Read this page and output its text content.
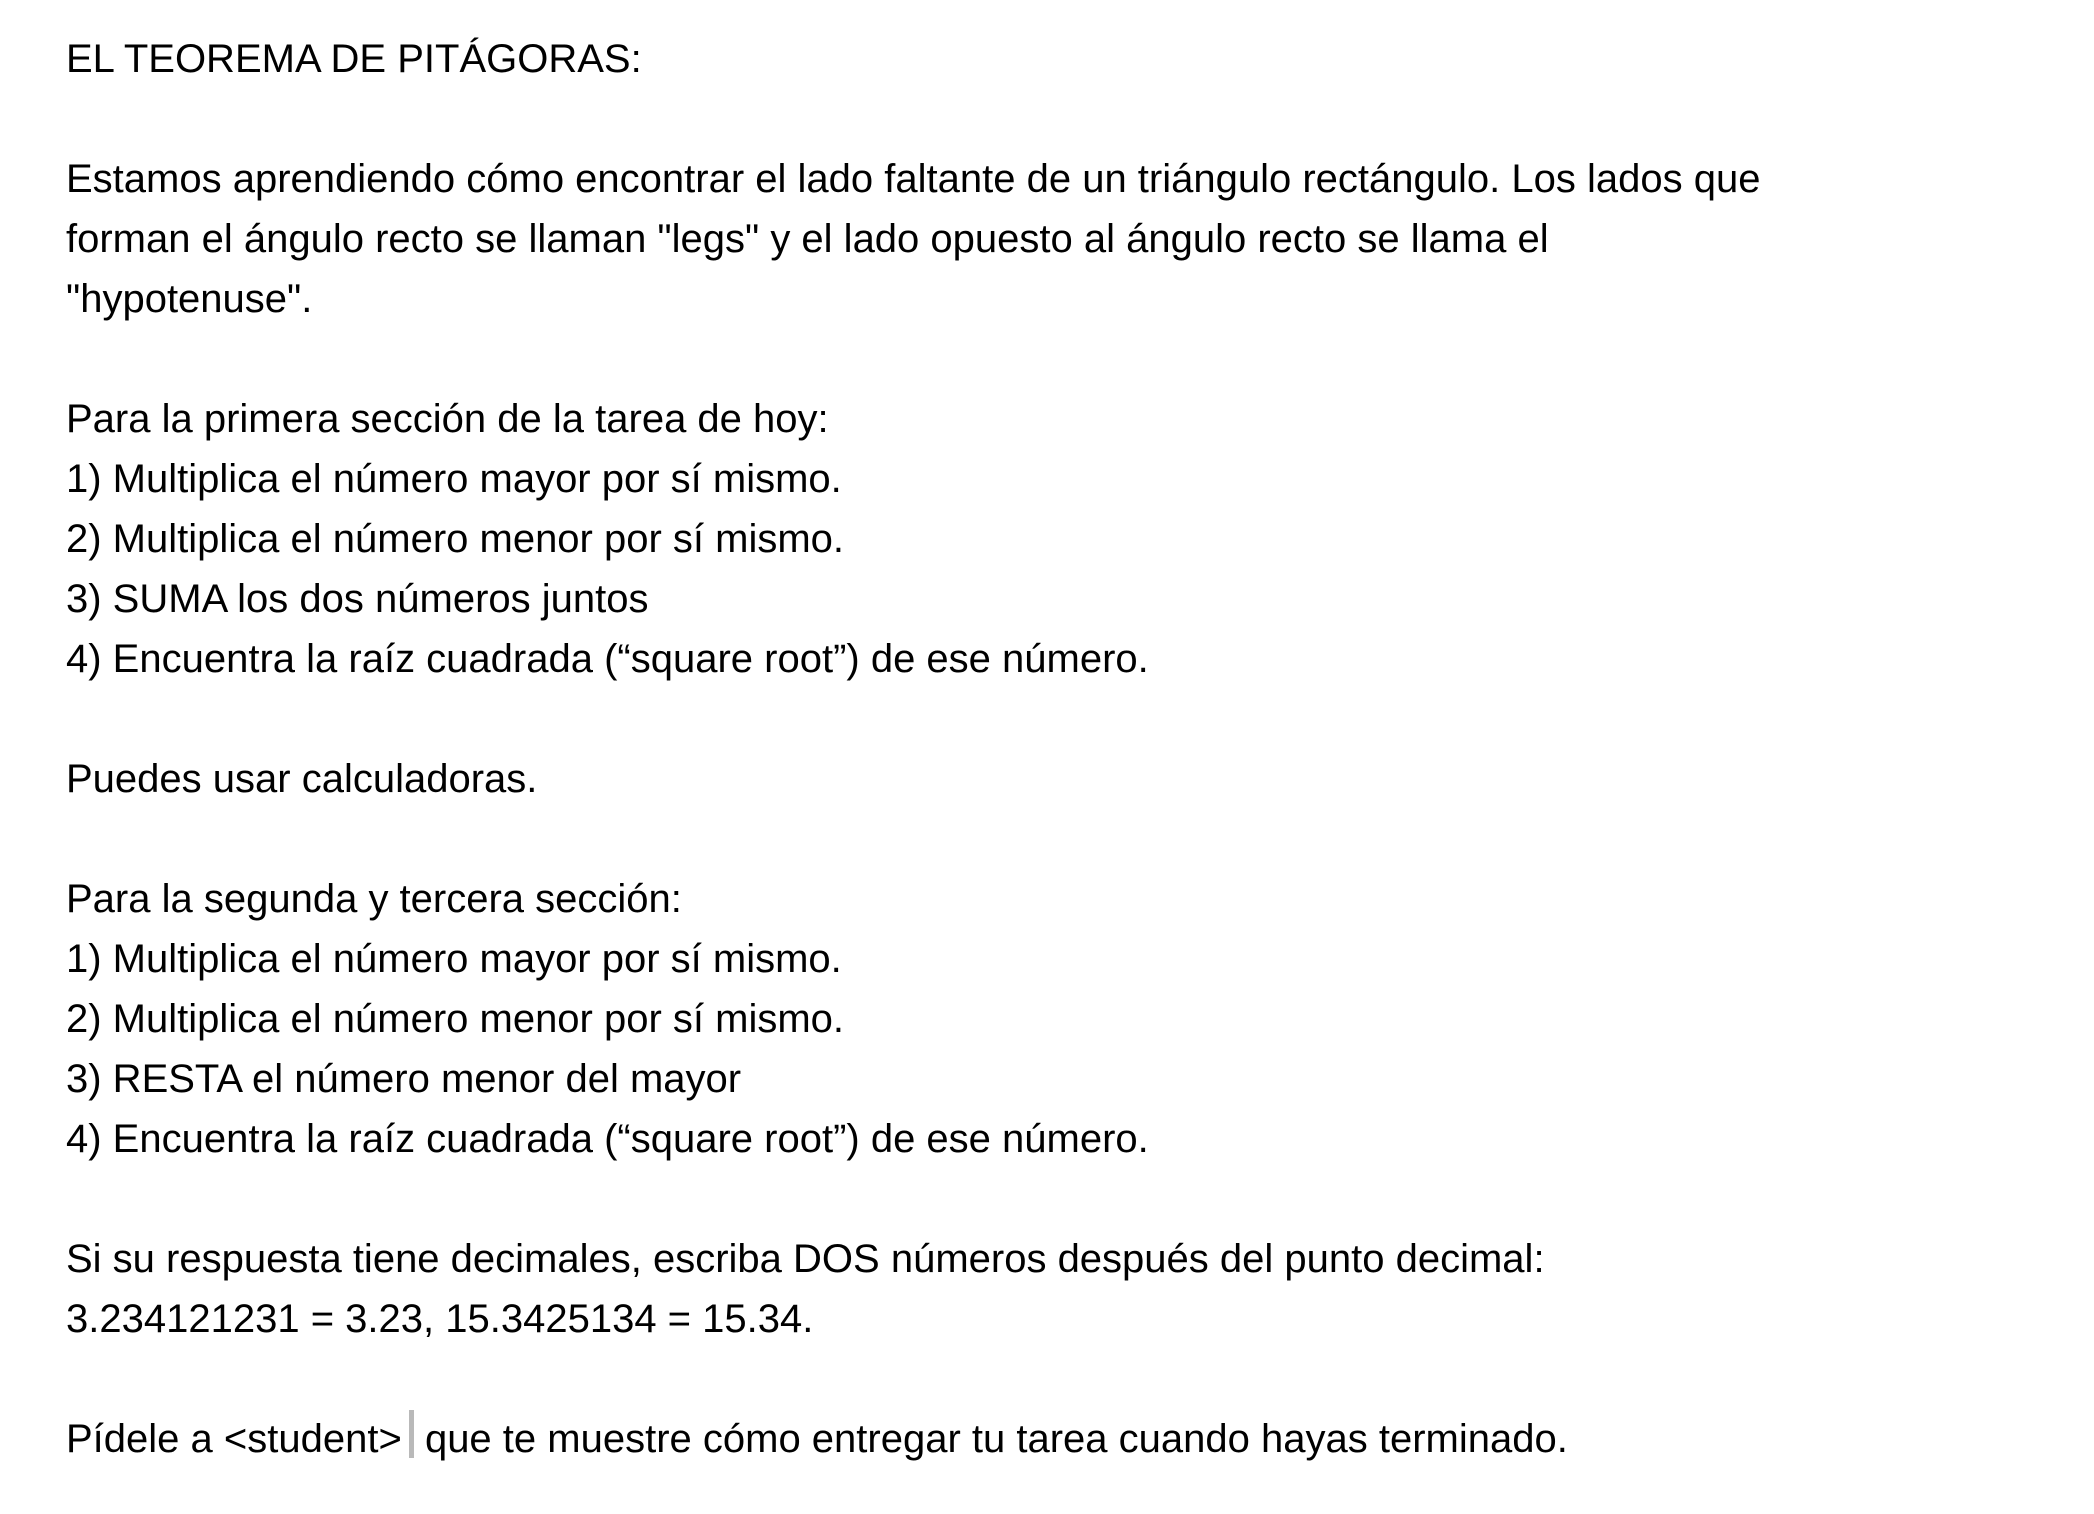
EL TEOREMA DE PITÁGORAS:
Estamos aprendiendo cómo encontrar el lado faltante de un triángulo rectángulo. Los lados que
forman el ángulo recto se llaman "legs" y el lado opuesto al ángulo recto se llama el
"hypotenuse".
Para la primera sección de la tarea de hoy:
1) Multiplica el número mayor por sí mismo.
2) Multiplica el número menor por sí mismo.
3) SUMA los dos números juntos
4) Encuentra la raíz cuadrada (“square root”) de ese número.
Puedes usar calculadoras.
Para la segunda y tercera sección:
1) Multiplica el número mayor por sí mismo.
2) Multiplica el número menor por sí mismo.
3) RESTA el número menor del mayor
4) Encuentra la raíz cuadrada (“square root”) de ese número.
Si su respuesta tiene decimales, escriba DOS números después del punto decimal:
3.234121231 = 3.23, 15.3425134 = 15.34.
Pídele a <student> que te muestre cómo entregar tu tarea cuando hayas terminado.
